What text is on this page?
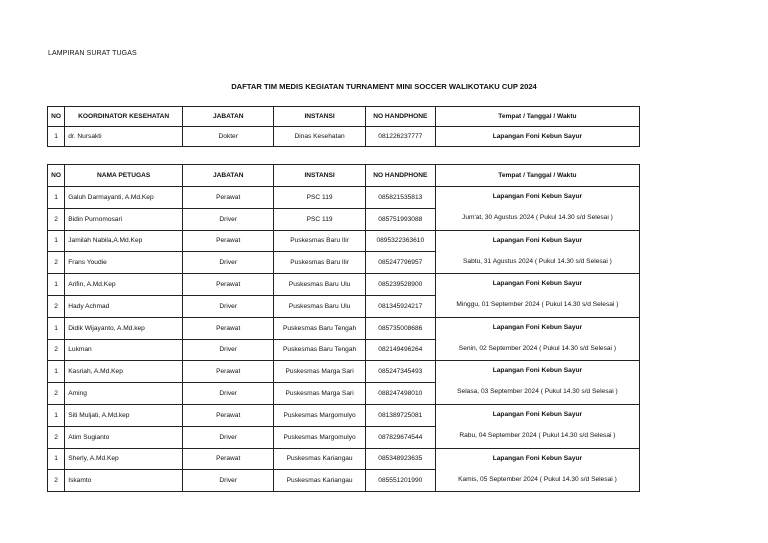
LAMPIRAN SURAT TUGAS
DAFTAR TIM MEDIS KEGIATAN TURNAMENT MINI SOCCER WALIKOTAKU CUP 2024
NO	KOORDINATOR KESEHATAN	JABATAN	INSTANSI	NO HANDPHONE	Tempat / Tanggal / Waktu
1	dr. Nursakti	Dokter	Dinas Kesehatan	081226237777	Lapangan Foni Kebun Sayur
NO	NAMA PETUGAS	JABATAN	INSTANSI	NO HANDPHONE	Tempat / Tanggal / Waktu
1	Galuh Darmayanti, A.Md.Kep	Perawat	PSC 119	085821535813	Lapangan Foni Kebun Sayur
Jum'at, 30 Agustus 2024 ( Pukul 14.30 s/d Selesai )

2	Bidin Purnomosari	Driver	PSC 119	085751993088	
1	Jamilah Nabila,A.Md.Kep	Perawat	Puskesmas Baru Ilir	0895322363610	Lapangan Foni Kebun Sayur
Sabtu, 31 Agustus 2024 ( Pukul 14.30 s/d Selesai )

2	Frans Youdie	Driver	Puskesmas Baru Ilir	085247796957	
1	Arifin, A.Md.Kep	Perawat	Puskesmas Baru Ulu	085239528900	Lapangan Foni Kebun Sayur
Minggu, 01 September 2024 ( Pukul 14.30 s/d Selesai )

2	Hady Achmad	Driver	Puskesmas Baru Ulu	081345924217	
1	Didik Wijayanto, A.Md.kep	Perawat	Puskesmas Baru Tengah	085735008686	Lapangan Foni Kebun Sayur
Senin, 02 September 2024 ( Pukul 14.30 s/d Selesai )

2	Lukman	Driver	Puskesmas Baru Tengah	082149496264	
1	Kasriah, A.Md.Kep	Perawat	Puskesmas Marga Sari	085247345493	Lapangan Foni Kebun Sayur
Selasa, 03 September 2024 ( Pukul 14.30 s/d Selesai )

2	Aming	Driver	Puskesmas Marga Sari	088247498010	
1	Siti Muljati, A.Md.kep	Perawat	Puskesmas Margomulyo	081389725081	Lapangan Foni Kebun Sayur
Rabu, 04 September 2024 ( Pukul 14.30 s/d Selesai )

2	Atim Sugianto	Driver	Puskesmas Margomulyo	087829674544	
1	Sherly, A.Md.Kep	Perawat	Puskesmas Kariangau	085348923635	Lapangan Foni Kebun Sayur
Kamis, 05 September 2024 ( Pukul 14.30 s/d Selesai )

2	Iskamto	Driver	Puskesmas Kariangau	085551201990	
